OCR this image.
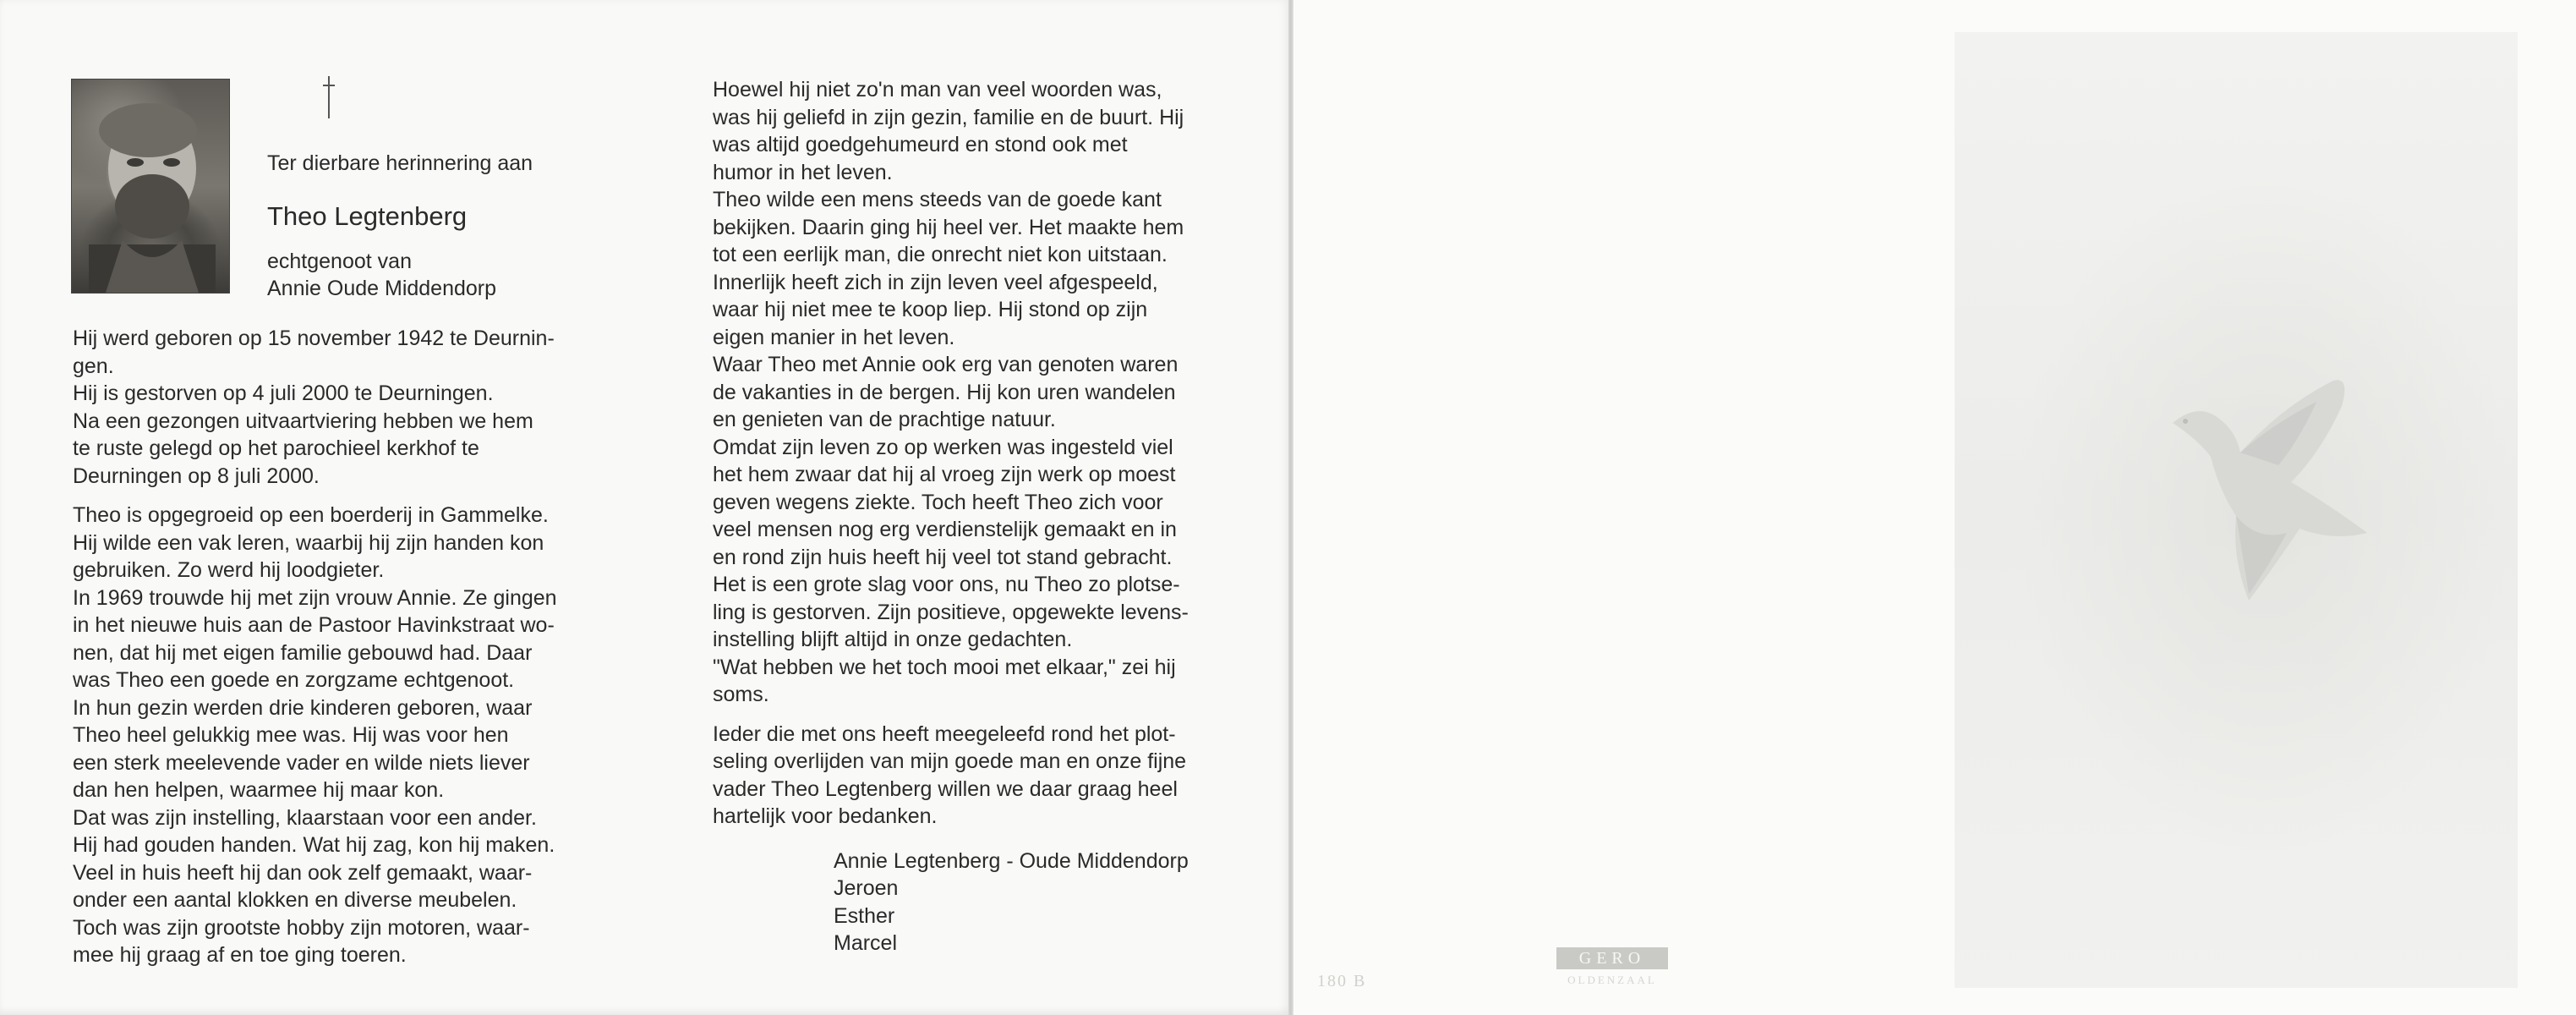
Ter dierbare herinnering aan
Theo Legtenberg
echtgenoot van
Annie Oude Middendorp

Hij werd geboren op 15 november 1942 te Deurnin-

gen.

Hij is gestorven op 4 juli 2000 te Deurningen.

Na een gezongen uitvaartviering hebben we hem

te ruste gelegd op het parochieel kerkhof te

Deurningen op 8 juli 2000.

Theo is opgegroeid op een boerderij in Gammelke.

Hij wilde een vak leren, waarbij hij zijn handen kon

gebruiken. Zo werd hij loodgieter.

In 1969 trouwde hij met zijn vrouw Annie. Ze gingen

in het nieuwe huis aan de Pastoor Havinkstraat wo-

nen, dat hij met eigen familie gebouwd had. Daar

was Theo een goede en zorgzame echtgenoot.

In hun gezin werden drie kinderen geboren, waar

Theo heel gelukkig mee was. Hij was voor hen

een sterk meelevende vader en wilde niets liever

dan hen helpen, waarmee hij maar kon.

Dat was zijn instelling, klaarstaan voor een ander.

Hij had gouden handen. Wat hij zag, kon hij maken.

Veel in huis heeft hij dan ook zelf gemaakt, waar-

onder een aantal klokken en diverse meubelen.

Toch was zijn grootste hobby zijn motoren, waar-

mee hij graag af en toe ging toeren.

Hoewel hij niet zo'n man van veel woorden was,

was hij geliefd in zijn gezin, familie en de buurt. Hij

was altijd goedgehumeurd en stond ook met

humor in het leven.

Theo wilde een mens steeds van de goede kant

bekijken. Daarin ging hij heel ver. Het maakte hem

tot een eerlijk man, die onrecht niet kon uitstaan.

Innerlijk heeft zich in zijn leven veel afgespeeld,

waar hij niet mee te koop liep. Hij stond op zijn

eigen manier in het leven.

Waar Theo met Annie ook erg van genoten waren

de vakanties in de bergen. Hij kon uren wandelen

en genieten van de prachtige natuur.

Omdat zijn leven zo op werken was ingesteld viel

het hem zwaar dat hij al vroeg zijn werk op moest

geven wegens ziekte. Toch heeft Theo zich voor

veel mensen nog erg verdienstelijk gemaakt en in

en rond zijn huis heeft hij veel tot stand gebracht.

Het is een grote slag voor ons, nu Theo zo plotse-

ling is gestorven. Zijn positieve, opgewekte levens-

instelling blijft altijd in onze gedachten.

"Wat hebben we het toch mooi met elkaar," zei hij

soms.

Ieder die met ons heeft meegeleefd rond het plot-

seling overlijden van mijn goede man en onze fijne

vader Theo Legtenberg willen we daar graag heel

hartelijk voor bedanken.

Annie Legtenberg - Oude Middendorp

Jeroen

Esther

Marcel

GERO
OLDENZAAL
180 B
